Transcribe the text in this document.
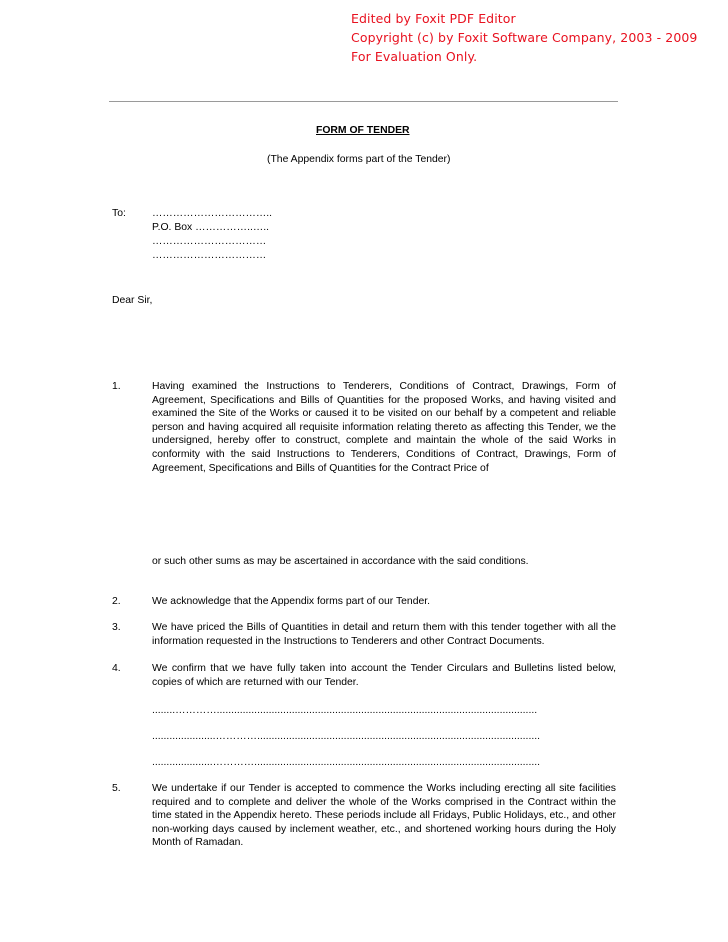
Edited by Foxit PDF Editor
Copyright (c) by Foxit Software Company, 2003 - 2009
For Evaluation Only.
FORM OF TENDER
(The Appendix forms part of the Tender)
To:	……………………………..
P.O. Box ……………..…..
……………………………
……………………………
Dear Sir,
1.	Having examined the Instructions to Tenderers, Conditions of Contract, Drawings, Form of Agreement, Specifications and Bills of Quantities for the proposed Works, and having visited and examined the Site of the Works or caused it to be visited on our behalf by a competent and reliable person and having acquired all requisite information relating thereto as affecting this Tender, we the undersigned, hereby offer to construct, complete and maintain the whole of the said Works in conformity with the said Instructions to Tenderers, Conditions of Contract, Drawings, Form of Agreement, Specifications and Bills of Quantities for the Contract Price of
or such other sums as may be ascertained in accordance with the said conditions.
2.	We acknowledge that the Appendix forms part of our Tender.
3.	We have priced the Bills of Quantities in detail and return them with this tender together with all the information requested in the Instructions to Tenderers and other Contract Documents.
4.	We confirm that we have fully taken into account the Tender Circulars and Bulletins listed below, copies of which are returned with our Tender.
........…………...............................................................................................................
......................…………..................................................................................................
.....................…………...................................................................................................
5.	We undertake if our Tender is accepted to commence the Works including erecting all site facilities required and to complete and deliver the whole of the Works comprised in the Contract within the time stated in the Appendix hereto. These periods include all Fridays, Public Holidays, etc., and other non-working days caused by inclement weather, etc., and shortened working hours during the Holy Month of Ramadan.
